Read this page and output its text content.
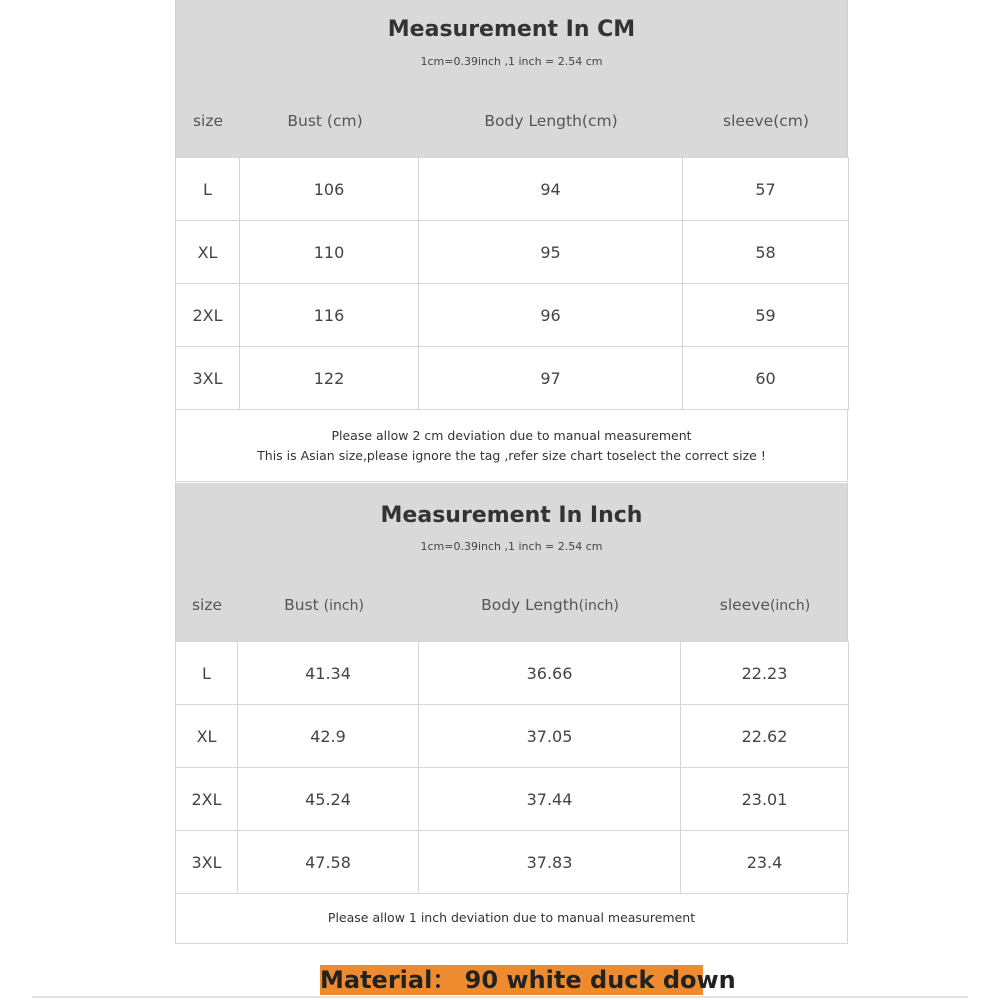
Measurement In CM
1cm=0.39inch ,1 inch = 2.54 cm
size	Bust (cm)	Body Length(cm)	sleeve(cm)
L	106	94	57
XL	110	95	58
2XL	116	96	59
3XL	122	97	60
Please allow 2 cm deviation due to manual measurement
This is Asian size,please ignore the tag ,refer size chart toselect the correct size !
Measurement In Inch
1cm=0.39inch ,1 inch = 2.54 cm
size	Bust (inch)	Body Length(inch)	sleeve(inch)
L	41.34	36.66	22.23
XL	42.9	37.05	22.62
2XL	45.24	37.44	23.01
3XL	47.58	37.83	23.4
Please allow 1 inch deviation due to manual measurement
Material： 90 white duck down
